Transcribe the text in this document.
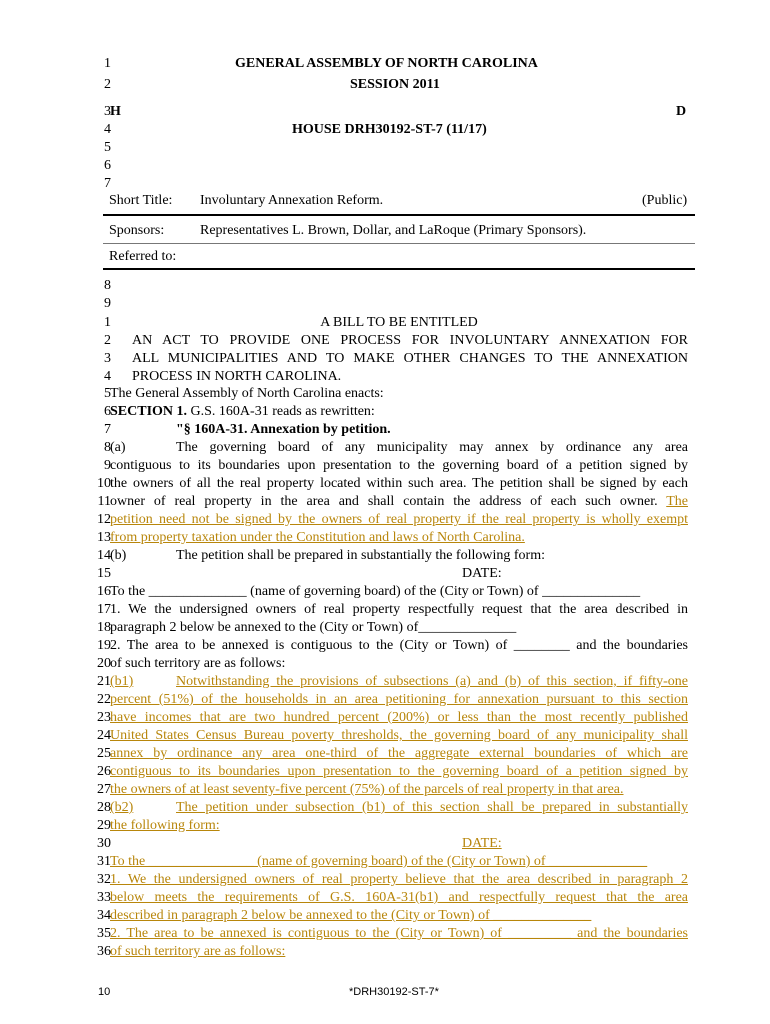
1	GENERAL ASSEMBLY OF NORTH CAROLINA
2	SESSION 2011
3 H	D
4	HOUSE DRH30192-ST-7 (11/17)
5
6
7
Short Title: Involuntary Annexation Reform.	(Public)
Sponsors:	Representatives L. Brown, Dollar, and LaRoque (Primary Sponsors).
Referred to:
8
9
1	A BILL TO BE ENTITLED
2 AN ACT TO PROVIDE ONE PROCESS FOR INVOLUNTARY ANNEXATION FOR
3 ALL MUNICIPALITIES AND TO MAKE OTHER CHANGES TO THE ANNEXATION
4 PROCESS IN NORTH CAROLINA.
5 The General Assembly of North Carolina enacts:
6 SECTION 1. G.S. 160A-31 reads as rewritten:
7	"§ 160A-31. Annexation by petition.
8 (a)	The governing board of any municipality may annex by ordinance any area
9 contiguous to its boundaries upon presentation to the governing board of a petition signed by
10 the owners of all the real property located within such area. The petition shall be signed by each
11 owner of real property in the area and shall contain the address of each such owner. The
12 petition need not be signed by the owners of real property if the real property is wholly exempt
13 from property taxation under the Constitution and laws of North Carolina.
14 (b)	The petition shall be prepared in substantially the following form:
15	DATE:
16 To the ______________ (name of governing board) of the (City or Town) of ______________
17 1. We the undersigned owners of real property respectfully request that the area described in
18 paragraph 2 below be annexed to the (City or Town) of______________
19 2. The area to be annexed is contiguous to the (City or Town) of ________ and the boundaries
20 of such territory are as follows:
21 (b1)	Notwithstanding the provisions of subsections (a) and (b) of this section, if fifty-one
22 percent (51%) of the households in an area petitioning for annexation pursuant to this section
23 have incomes that are two hundred percent (200%) or less than the most recently published
24 United States Census Bureau poverty thresholds, the governing board of any municipality shall
25 annex by ordinance any area one-third of the aggregate external boundaries of which are
26 contiguous to its boundaries upon presentation to the governing board of a petition signed by
27 the owners of at least seventy-five percent (75%) of the parcels of real property in that area.
28 (b2)	The petition under subsection (b1) of this section shall be prepared in substantially
29 the following form:
30	DATE:
31 To the _______________ (name of governing board) of the (City or Town) of ______________
32 1. We the undersigned owners of real property believe that the area described in paragraph 2
33 below meets the requirements of G.S. 160A-31(b1) and respectfully request that the area
34 described in paragraph 2 below be annexed to the (City or Town) of ______________
35 2. The area to be annexed is contiguous to the (City or Town) of _________ and the boundaries
36 of such territory are as follows:
10	*DRH30192-ST-7*
